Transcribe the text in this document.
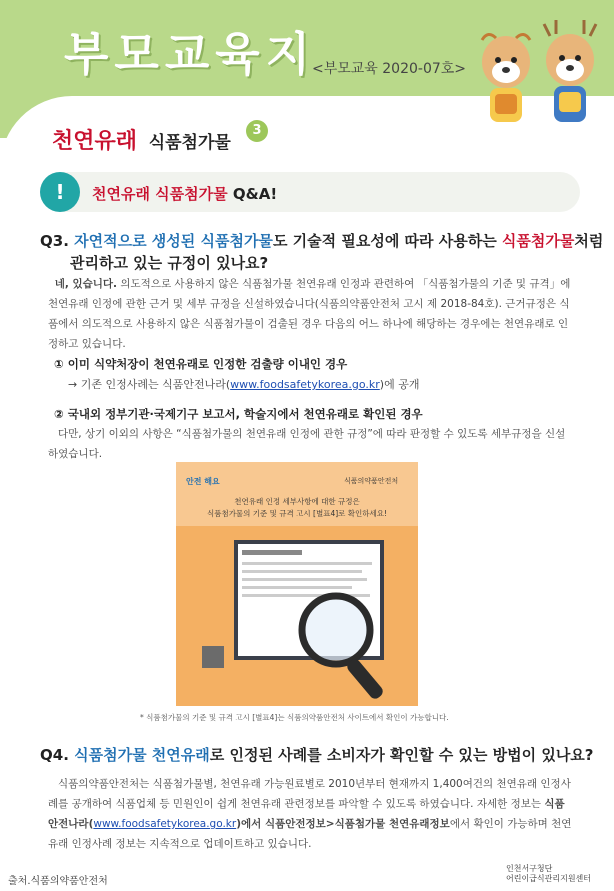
부모교육지
<부모교육 2020-07호>
천연유래 식품첨가물
3
!	천연유래 식품첨가물 Q&A!
Q3. 자연적으로 생성된 식품첨가물도 기술적 필요성에 따라 사용하는 식품첨가물처럼
관리하고 있는 규정이 있나요?
네, 있습니다. 의도적으로 사용하지 않은 식품첨가물 천연유래 인정과 관련하여 「식품첨가물의 기준 및 규격」에 천연유래 인정에 관한 근거 및 세부 규정을 신설하였습니다(식품의약품안전처 고시 제 2018-84호). 근거규정은 식품에서 의도적으로 사용하지 않은 식품첨가물이 검출된 경우 다음의 어느 하나에 해당하는 경우에는 천연유래로 인정하고 있습니다.
① 이미 식약처장이 천연유래로 인정한 검출량 이내인 경우
→ 기존 인정사례는 식품안전나라(www.foodsafetykorea.go.kr)에 공개
② 국내외 정부기관·국제기구 보고서, 학술지에서 천연유래로 확인된 경우
다만, 상기 이외의 사항은 “식품첨가물의 천연유래 인정에 관한 규정”에 따라 판정할 수 있도록 세부규정을 신설하였습니다.
안전 해요	식품의약품안전처
천연유래 인정 세부사항에 대한 규정은
식품첨가물의 기준 및 규격 고시 [별표4]로 확인하세요!
* 식품첨가물의 기준 및 규격 고시 [별표4]는 식품의약품안전처 사이트에서 확인이 가능합니다.
Q4. 식품첨가물 천연유래로 인정된 사례를 소비자가 확인할 수 있는 방법이 있나요?
식품의약품안전처는 식품첨가물별, 천연유래 가능원료별로 2010년부터 현재까지 1,400여건의 천연유래 인정사례를 공개하여 식품업체 등 민원인이 쉽게 천연유래 관련정보를 파악할 수 있도록 하였습니다. 자세한 정보는 식품안전나라(www.foodsafetykorea.go.kr)에서 식품안전정보>식품첨가물 천연유래정보에서 확인이 가능하며 천연유래 인정사례 정보는 지속적으로 업데이트하고 있습니다.
출처.식품의약품안전처
인천서구청단
어린이급식관리지원센터
